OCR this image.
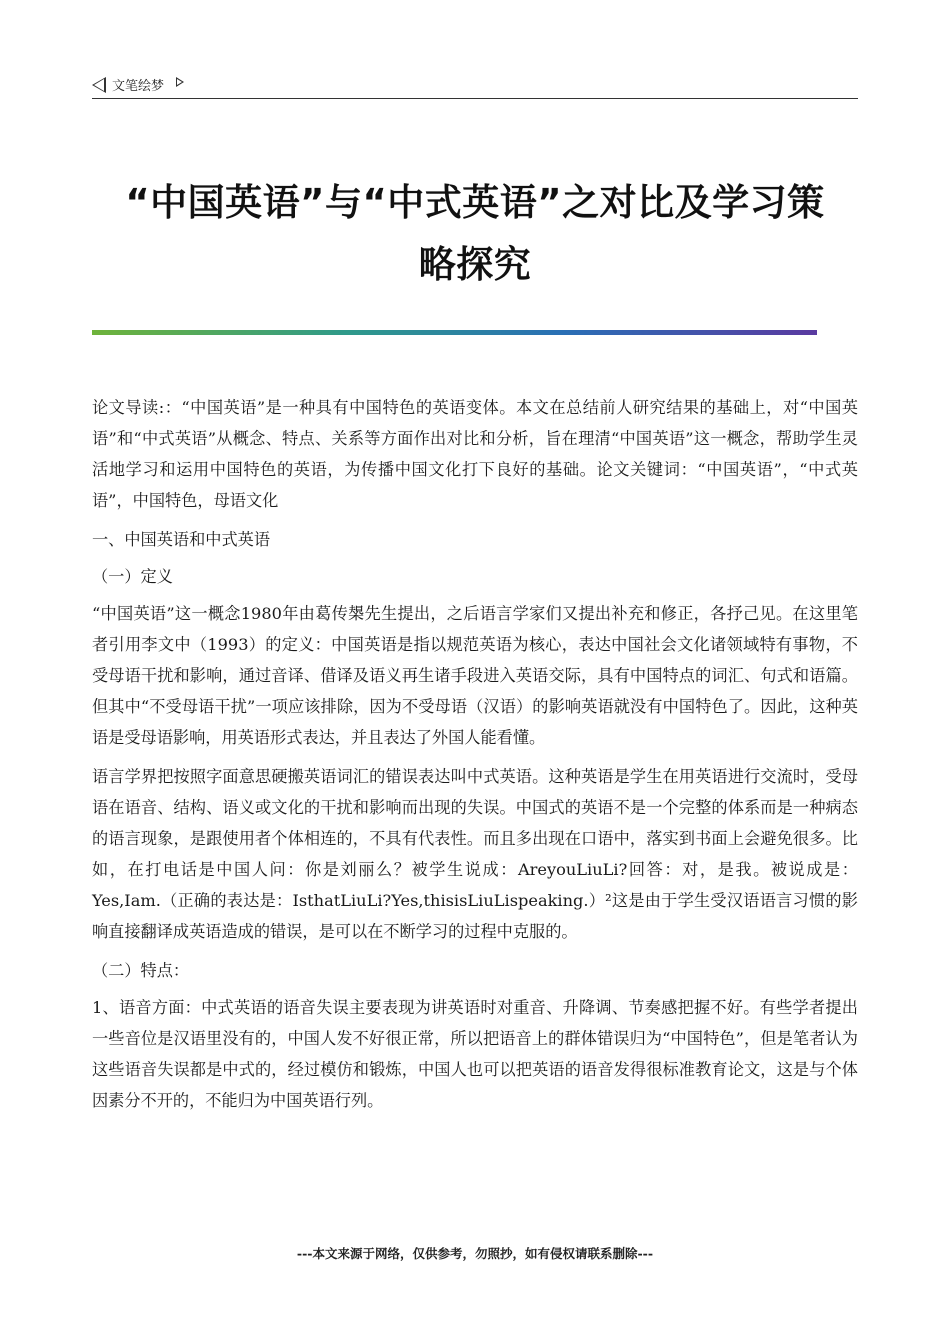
文笔绘梦
“中国英语”与“中式英语”之对比及学习策
略探究

论文导读:：“中国英语”是一种具有中国特色的英语变体。本文在总结前人研究结果的基础上，对“中国英语”和“中式英语”从概念、特点、关系等方面作出对比和分析，旨在理清“中国英语”这一概念，帮助学生灵活地学习和运用中国特色的英语，为传播中国文化打下良好的基础。论文关键词：“中国英语”，“中式英语”，中国特色，母语文化

一、中国英语和中式英语

（一）定义

“中国英语”这一概念1980年由葛传槼先生提出，之后语言学家们又提出补充和修正，各抒己见。在这里笔者引用李文中（1993）的定义：中国英语是指以规范英语为核心，表达中国社会文化诸领域特有事物，不受母语干扰和影响，通过音译、借译及语义再生诸手段进入英语交际，具有中国特点的词汇、句式和语篇。但其中“不受母语干扰”一项应该排除，因为不受母语（汉语）的影响英语就没有中国特色了。因此，这种英语是受母语影响，用英语形式表达，并且表达了外国人能看懂。

语言学界把按照字面意思硬搬英语词汇的错误表达叫中式英语。这种英语是学生在用英语进行交流时，受母语在语音、结构、语义或文化的干扰和影响而出现的失误。中国式的英语不是一个完整的体系而是一种病态的语言现象，是跟使用者个体相连的，不具有代表性。而且多出现在口语中，落实到书面上会避免很多。比如，在打电话是中国人问：你是刘丽么？被学生说成：AreyouLiuLi?回答：对，是我。被说成是：Yes,Iam.（正确的表达是：IsthatLiuLi?Yes,thisisLiuLispeaking.）²这是由于学生受汉语语言习惯的影响直接翻译成英语造成的错误，是可以在不断学习的过程中克服的。

（二）特点：

1、语音方面：中式英语的语音失误主要表现为讲英语时对重音、升降调、节奏感把握不好。有些学者提出一些音位是汉语里没有的，中国人发不好很正常，所以把语音上的群体错误归为“中国特色”，但是笔者认为这些语音失误都是中式的，经过模仿和锻炼，中国人也可以把英语的语音发得很标准教育论文，这是与个体因素分不开的，不能归为中国英语行列。

---本文来源于网络，仅供参考，勿照抄，如有侵权请联系删除---
